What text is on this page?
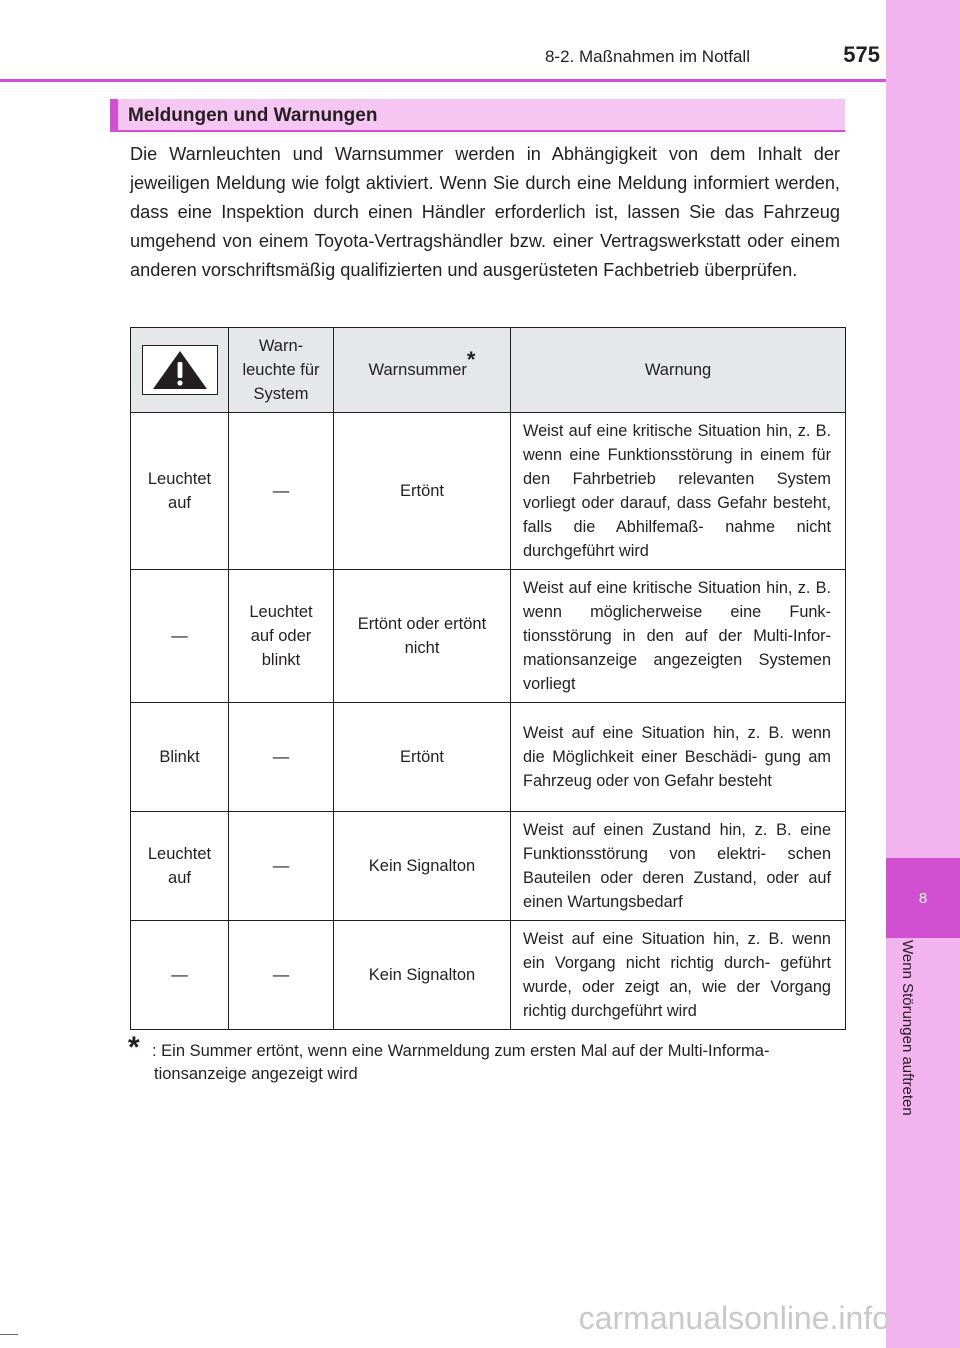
8
Wenn Störungen auftreten
8-2. Maßnahmen im Notfall	575
Meldungen und Warnungen
Die Warnleuchten und Warnsummer werden in Abhängigkeit von dem Inhalt der jeweiligen Meldung wie folgt aktiviert. Wenn Sie durch eine Meldung informiert werden, dass eine Inspektion durch einen Händler erforderlich ist, lassen Sie das Fahrzeug umgehend von einem Toyota-Vertragshändler bzw. einer Vertragswerkstatt oder einem anderen vorschriftsmäßig qualifizierten und ausgerüsteten Fachbetrieb überprüfen.
	Warn-
leuchte für
System	Warnsummer*	Warnung
Leuchtet
auf	—	Ertönt	Weist auf eine kritische Situation hin, z. B. wenn eine Funktionsstörung in einem für den Fahrbetrieb relevanten System vorliegt oder darauf, dass Gefahr besteht, falls die Abhilfemaß- nahme nicht durchgeführt wird
—	Leuchtet
auf oder
blinkt	Ertönt oder ertönt
nicht	Weist auf eine kritische Situation hin, z. B. wenn möglicherweise eine Funk- tionsstörung in den auf der Multi-Infor- mationsanzeige angezeigten Systemen vorliegt
Blinkt	—	Ertönt	Weist auf eine Situation hin, z. B. wenn die Möglichkeit einer Beschädi- gung am Fahrzeug oder von Gefahr besteht
Leuchtet
auf	—	Kein Signalton	Weist auf einen Zustand hin, z. B. eine Funktionsstörung von elektri- schen Bauteilen oder deren Zustand, oder auf einen Wartungsbedarf
—	—	Kein Signalton	Weist auf eine Situation hin, z. B. wenn ein Vorgang nicht richtig durch- geführt wurde, oder zeigt an, wie der Vorgang richtig durchgeführt wird
* : Ein Summer ertönt, wenn eine Warnmeldung zum ersten Mal auf der Multi-Informa-
tionsanzeige angezeigt wird
carmanualsonline.info
